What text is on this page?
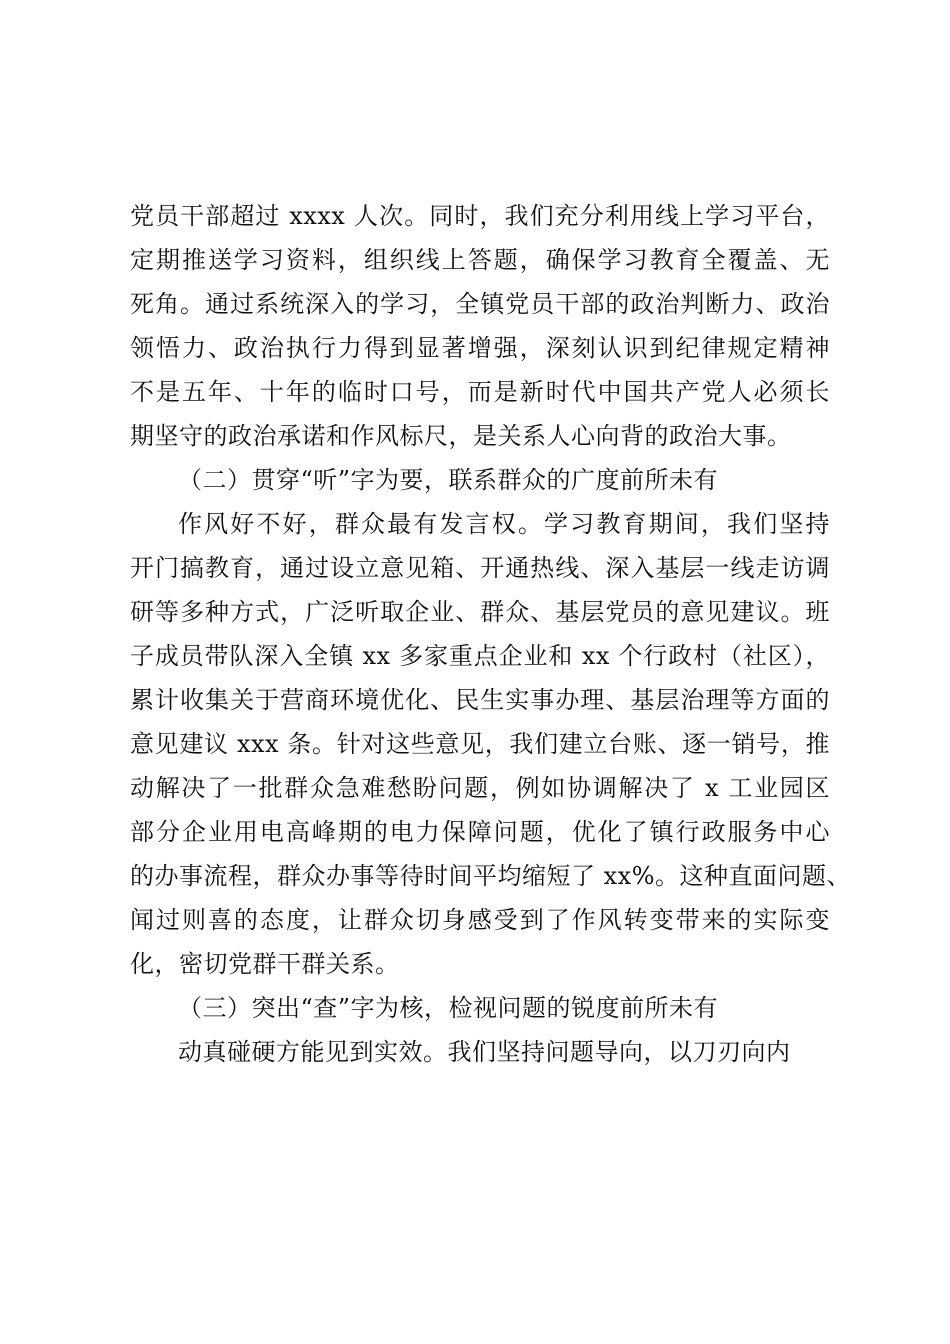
党员干部超过 xxxx 人次。同时，我们充分利用线上学习平台，
定期推送学习资料，组织线上答题，确保学习教育全覆盖、无
死角。通过系统深入的学习，全镇党员干部的政治判断力、政治
领悟力、政治执行力得到显著增强，深刻认识到纪律规定精神
不是五年、十年的临时口号，而是新时代中国共产党人必须长
期坚守的政治承诺和作风标尺，是关系人心向背的政治大事。
（二）贯穿“听”字为要，联系群众的广度前所未有
作风好不好，群众最有发言权。学习教育期间，我们坚持
开门搞教育，通过设立意见箱、开通热线、深入基层一线走访调
研等多种方式，广泛听取企业、群众、基层党员的意见建议。班
子成员带队深入全镇 xx 多家重点企业和 xx 个行政村（社区），
累计收集关于营商环境优化、民生实事办理、基层治理等方面的
意见建议 xxx 条。针对这些意见，我们建立台账、逐一销号，推
动解决了一批群众急难愁盼问题，例如协调解决了 x 工业园区
部分企业用电高峰期的电力保障问题，优化了镇行政服务中心
的办事流程，群众办事等待时间平均缩短了 xx%。这种直面问题、
闻过则喜的态度，让群众切身感受到了作风转变带来的实际变
化，密切党群干群关系。
（三）突出“查”字为核，检视问题的锐度前所未有
动真碰硬方能见到实效。我们坚持问题导向，以刀刃向内
